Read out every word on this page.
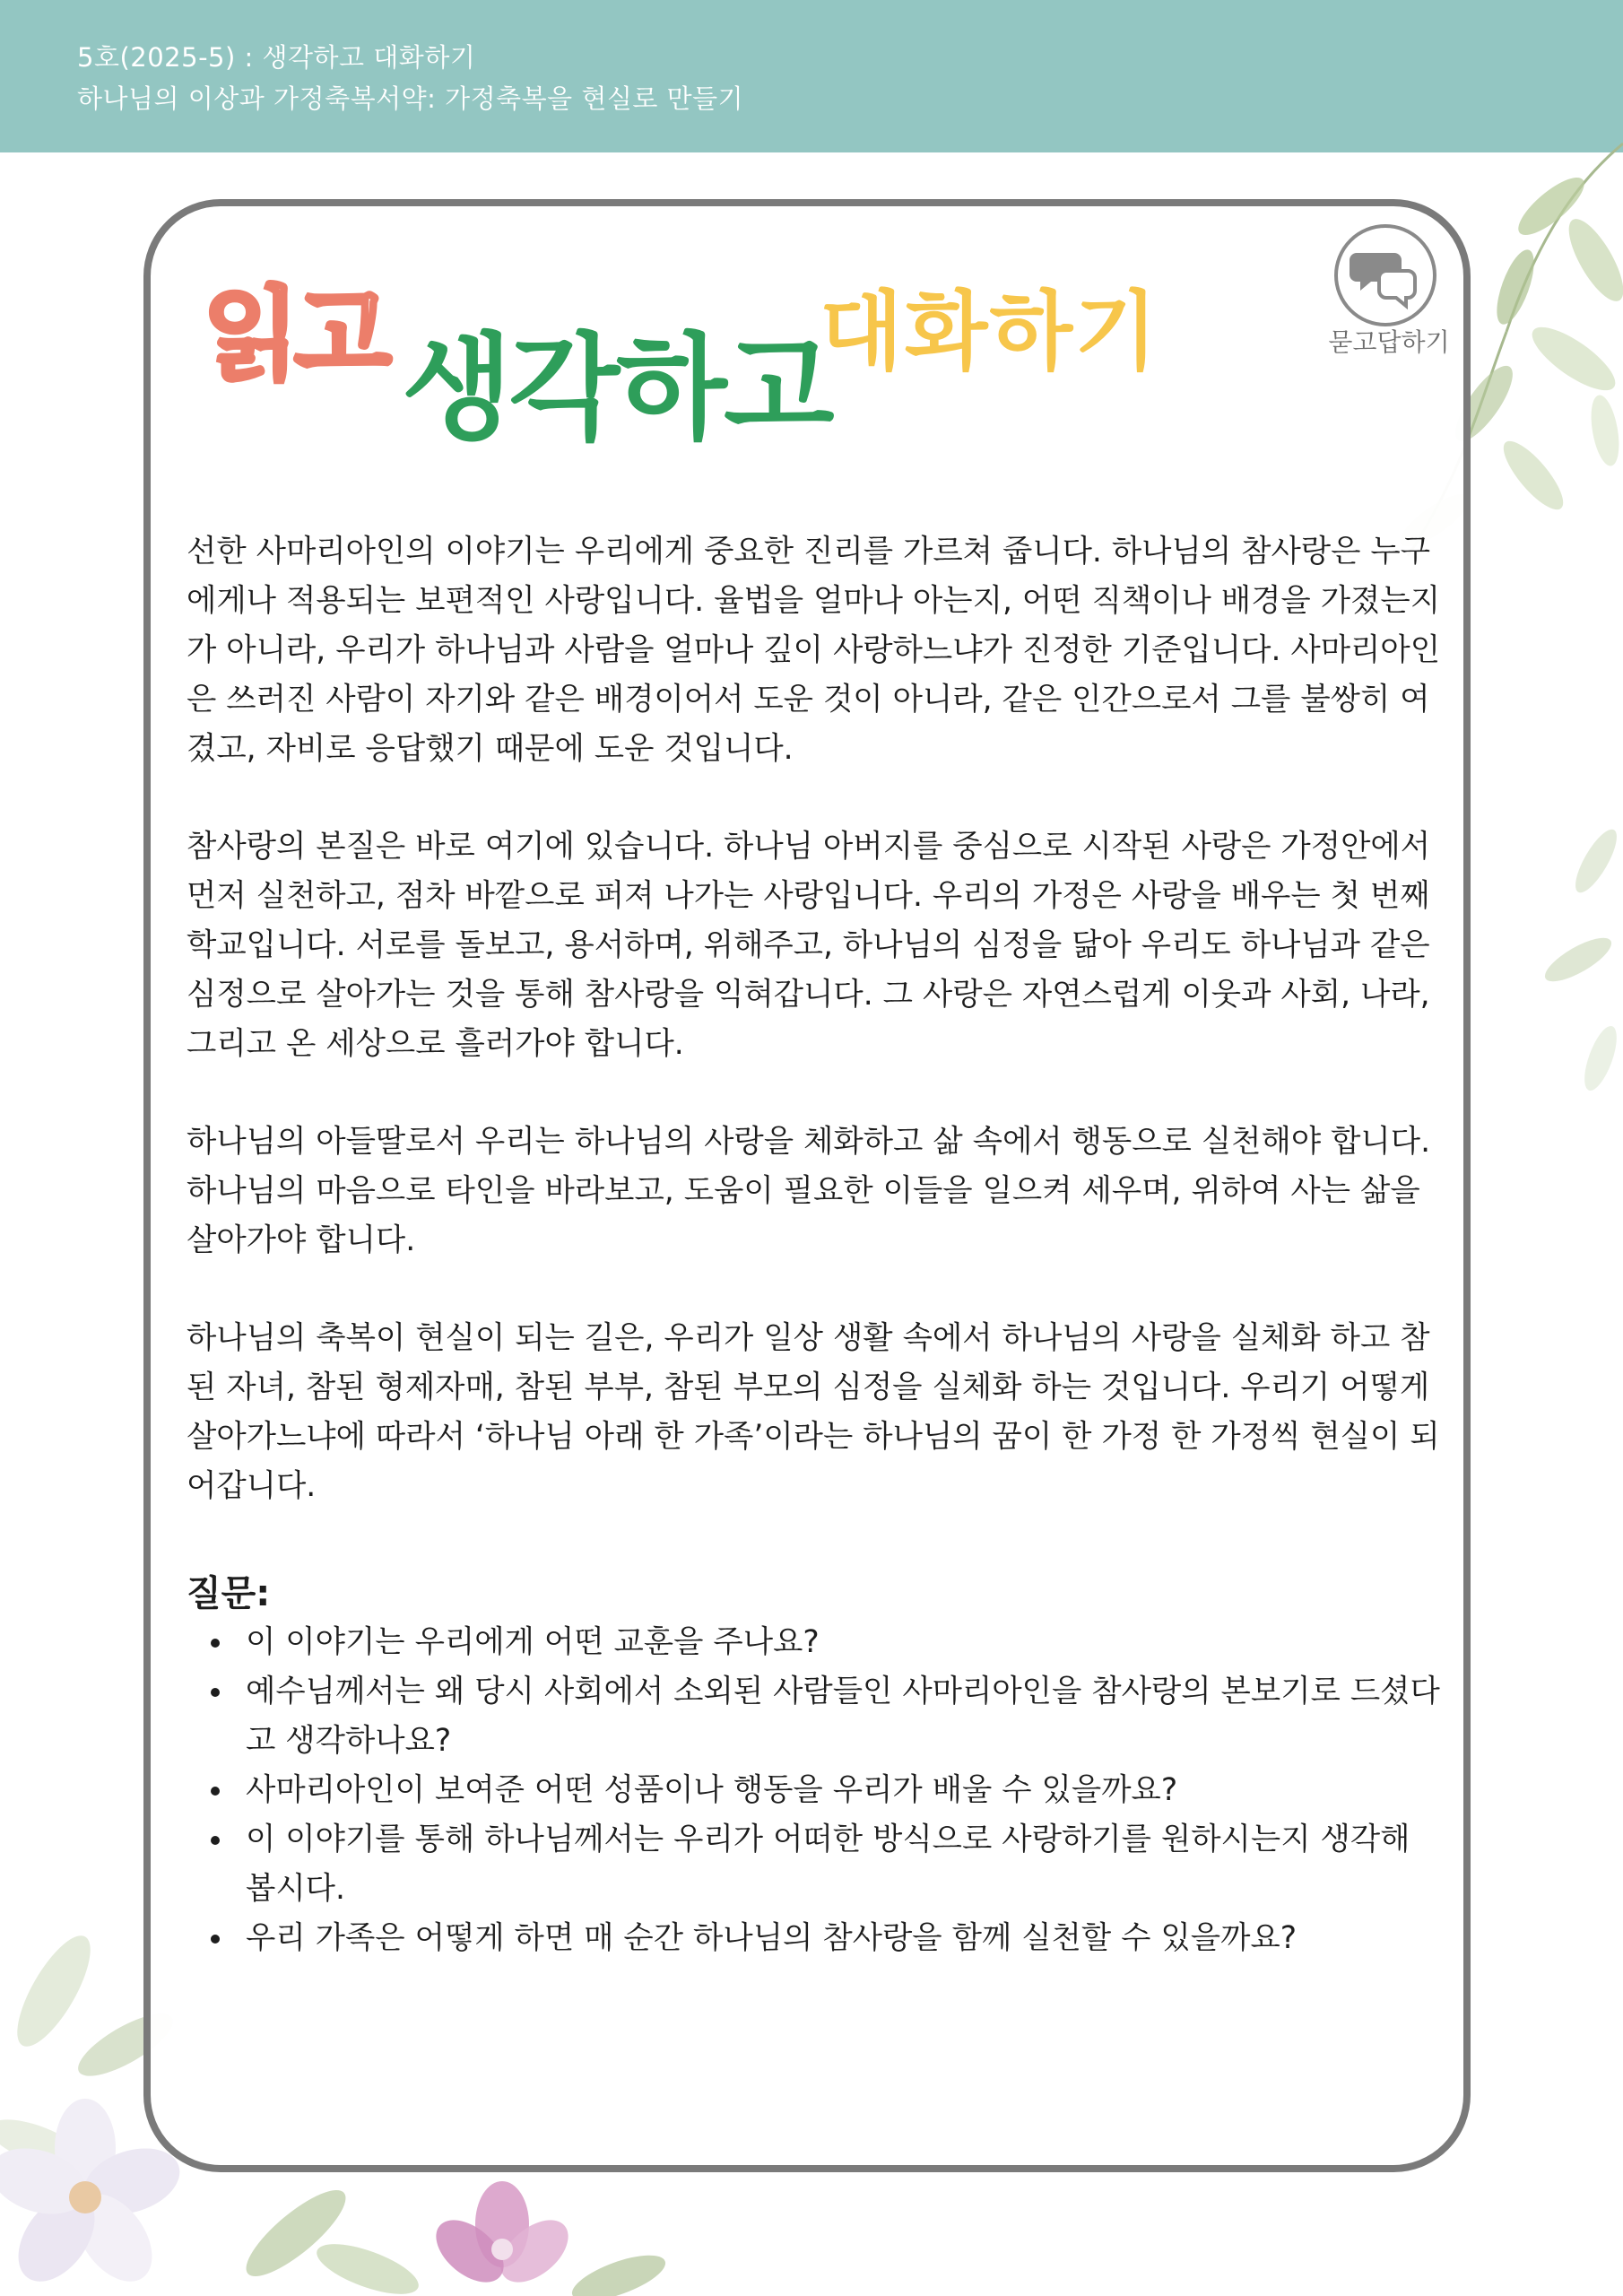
5호(2025-5) : 생각하고 대화하기
하나님의 이상과 가정축복서약: 가정축복을 현실로 만들기
묻고답하기
읽고 생각하고
대화하기

선한 사마리아인의 이야기는 우리에게 중요한 진리를 가르쳐 줍니다. 하나님의 참사랑은 누구에게나 적용되는 보편적인 사랑입니다. 율법을 얼마나 아는지, 어떤 직책이나 배경을 가졌는지가 아니라, 우리가 하나님과 사람을 얼마나 깊이 사랑하느냐가 진정한 기준입니다. 사마리아인은 쓰러진 사람이 자기와 같은 배경이어서 도운 것이 아니라, 같은 인간으로서 그를 불쌍히 여겼고, 자비로 응답했기 때문에 도운 것입니다.

참사랑의 본질은 바로 여기에 있습니다. 하나님 아버지를 중심으로 시작된 사랑은 가정안에서 먼저 실천하고, 점차 바깥으로 퍼져 나가는 사랑입니다. 우리의 가정은 사랑을 배우는 첫 번째 학교입니다. 서로를 돌보고, 용서하며, 위해주고, 하나님의 심정을 닮아 우리도 하나님과 같은 심정으로 살아가는 것을 통해 참사랑을 익혀갑니다. 그 사랑은 자연스럽게 이웃과 사회, 나라, 그리고 온 세상으로 흘러가야 합니다.

하나님의 아들딸로서 우리는 하나님의 사랑을 체화하고 삶 속에서 행동으로 실천해야 합니다. 하나님의 마음으로 타인을 바라보고, 도움이 필요한 이들을 일으켜 세우며, 위하여 사는 삶을 살아가야 합니다.

하나님의 축복이 현실이 되는 길은, 우리가 일상 생활 속에서 하나님의 사랑을 실체화 하고 참된 자녀, 참된 형제자매, 참된 부부, 참된 부모의 심정을 실체화 하는 것입니다. 우리기 어떻게 살아가느냐에 따라서 ‘하나님 아래 한 가족’이라는 하나님의 꿈이 한 가정 한 가정씩 현실이 되어갑니다.

질문:
이 이야기는 우리에게 어떤 교훈을 주나요?
예수님께서는 왜 당시 사회에서 소외된 사람들인 사마리아인을 참사랑의 본보기로 드셨다고 생각하나요?
사마리아인이 보여준 어떤 성품이나 행동을 우리가 배울 수 있을까요?
이 이야기를 통해 하나님께서는 우리가 어떠한 방식으로 사랑하기를 원하시는지 생각해 봅시다.
우리 가족은 어떻게 하면 매 순간 하나님의 참사랑을 함께 실천할 수 있을까요?
